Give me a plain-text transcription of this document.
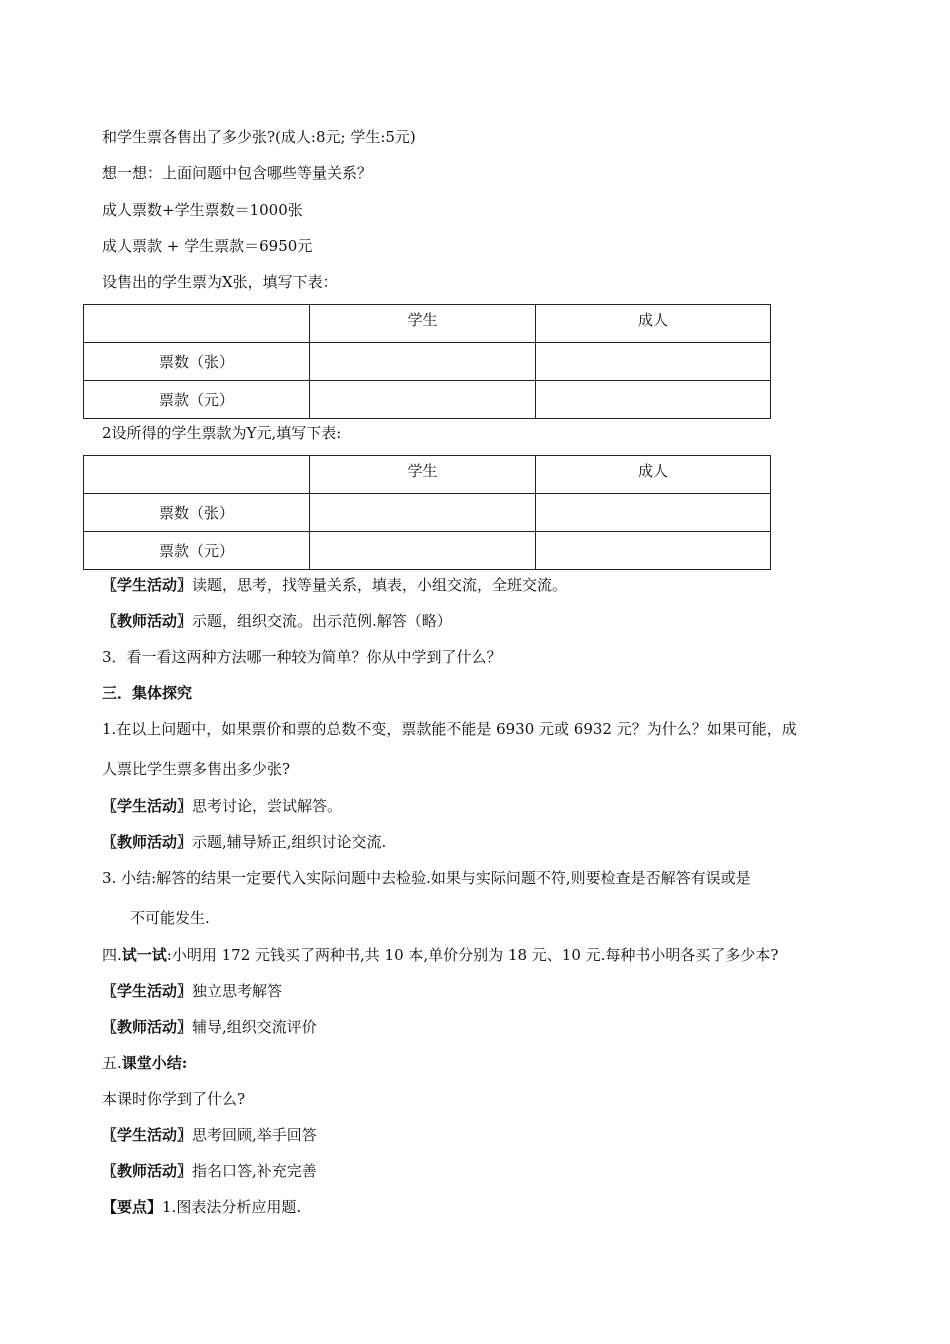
和学生票各售出了多少张?(成人:8元; 学生:5元)
想一想：上面问题中包含哪些等量关系？
成人票数+学生票数＝1000张
成人票款 + 学生票款＝6950元
设售出的学生票为X张，填写下表：
	学生	成人
票数（张）		
票款（元）		
2设所得的学生票款为Y元,填写下表:
	学生	成人
票数（张）		
票款（元）		
〖学生活动〗读题，思考，找等量关系，填表，小组交流，全班交流。
〖教师活动〗示题，组织交流。出示范例.解答（略）
3．看一看这两种方法哪一种较为简单？你从中学到了什么？
三．集体探究
1.在以上问题中，如果票价和票的总数不变，票款能不能是 6930 元或 6932 元？为什么？如果可能，成
人票比学生票多售出多少张?
〖学生活动〗思考讨论，尝试解答。
〖教师活动〗示题,辅导矫正,组织讨论交流.
3. 小结:解答的结果一定要代入实际问题中去检验.如果与实际问题不符,则要检查是否解答有误或是
不可能发生.
四.试一试:小明用 172 元钱买了两种书,共 10 本,单价分别为 18 元、10 元.每种书小明各买了多少本?
〖学生活动〗独立思考解答
〖教师活动〗辅导,组织交流评价
五.课堂小结:
本课时你学到了什么?
〖学生活动〗思考回顾,举手回答
〖教师活动〗指名口答,补充完善
【要点】1.图表法分析应用题.
